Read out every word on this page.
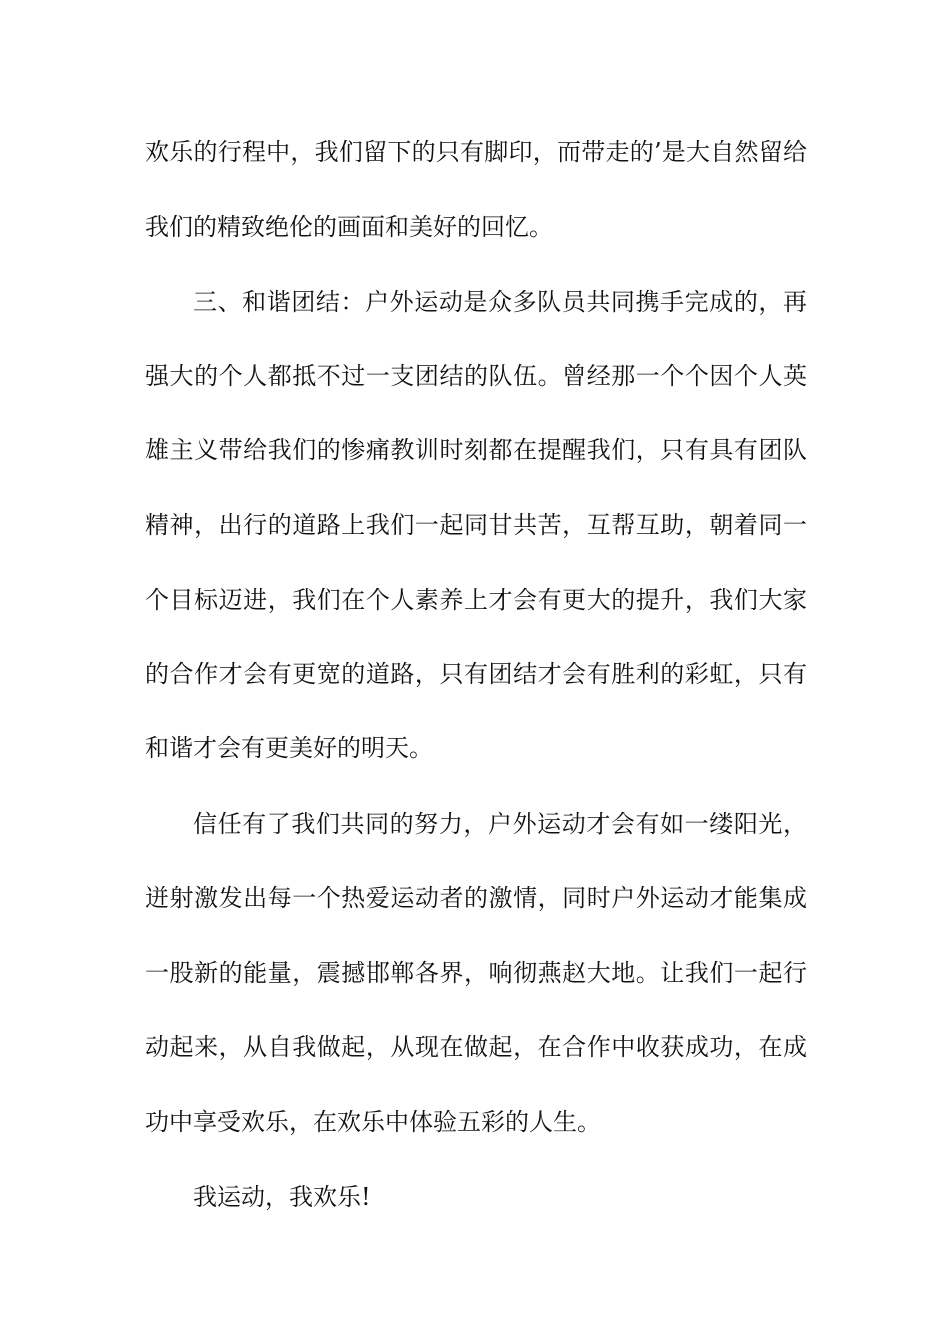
欢乐的行程中，我们留下的只有脚印，而带走的’是大自然留给
我们的精致绝伦的画面和美好的回忆。
三、和谐团结：户外运动是众多队员共同携手完成的，再
强大的个人都抵不过一支团结的队伍。曾经那一个个因个人英
雄主义带给我们的惨痛教训时刻都在提醒我们，只有具有团队
精神，出行的道路上我们一起同甘共苦，互帮互助，朝着同一
个目标迈进，我们在个人素养上才会有更大的提升，我们大家
的合作才会有更宽的道路，只有团结才会有胜利的彩虹，只有
和谐才会有更美好的明天。
信任有了我们共同的努力，户外运动才会有如一缕阳光，
迸射激发出每一个热爱运动者的激情，同时户外运动才能集成
一股新的能量，震撼邯郸各界，响彻燕赵大地。让我们一起行
动起来，从自我做起，从现在做起，在合作中收获成功，在成
功中享受欢乐，在欢乐中体验五彩的人生。
我运动，我欢乐!
